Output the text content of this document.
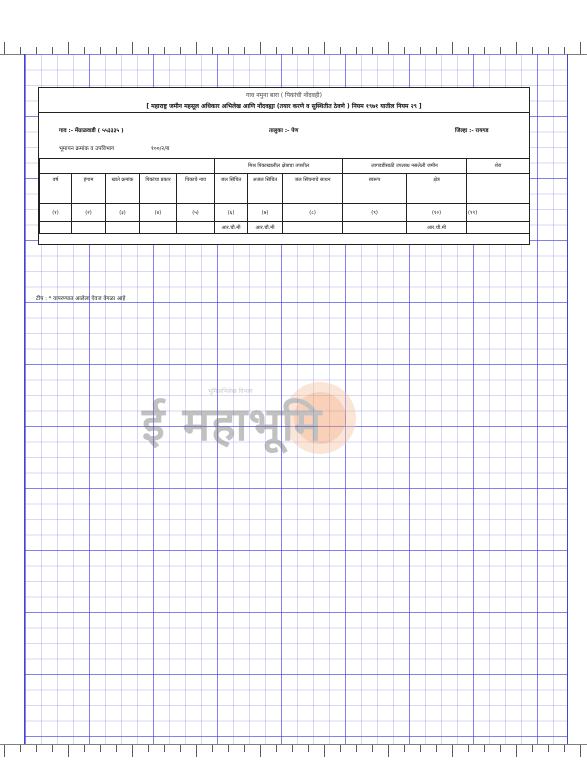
गाव नमुना बारा ( पिकांची नोंदवही)
[ महाराष्ट्र जमीन महसूल अधिकार अभिलेख आणि नोंदवह्या (तयार करणे व सुस्थितीत ठेवणे ) नियम १९७१ यातील नियम २९ ]
गाव :- मेंग्राळवाडी ( ५५३३३५ )	तालुका :- पेण	जिल्हा :- रायगड
भूमापन क्रमांक व उपविभाग	१००/२/ब
					मिश्र पिकाखालील क्षेत्राचा तपशील			लागवडीसाठी उपलब्ध नसलेली जमीन		शेरा
वर्ष	हंगाम	खाते क्रमांक	पिकांचा प्रकार	पिकाचे नाव	जल सिंचित	अजल सिंचित	जल सिंचनाचे साधन	स्वरूप	क्षेत्र	
(१)	(२)	(३)	(४)	(५)	(६)	(७)	(८)	(९)	(१०)	(११)
					आर.चौ.मी	आर.चौ.मी			आर.चौ.मी	
टीप : * वापरण्यात आलेला ऐवज वेगळा आहे
भूमिअभिलेख विभाग
ई महाभूमि
